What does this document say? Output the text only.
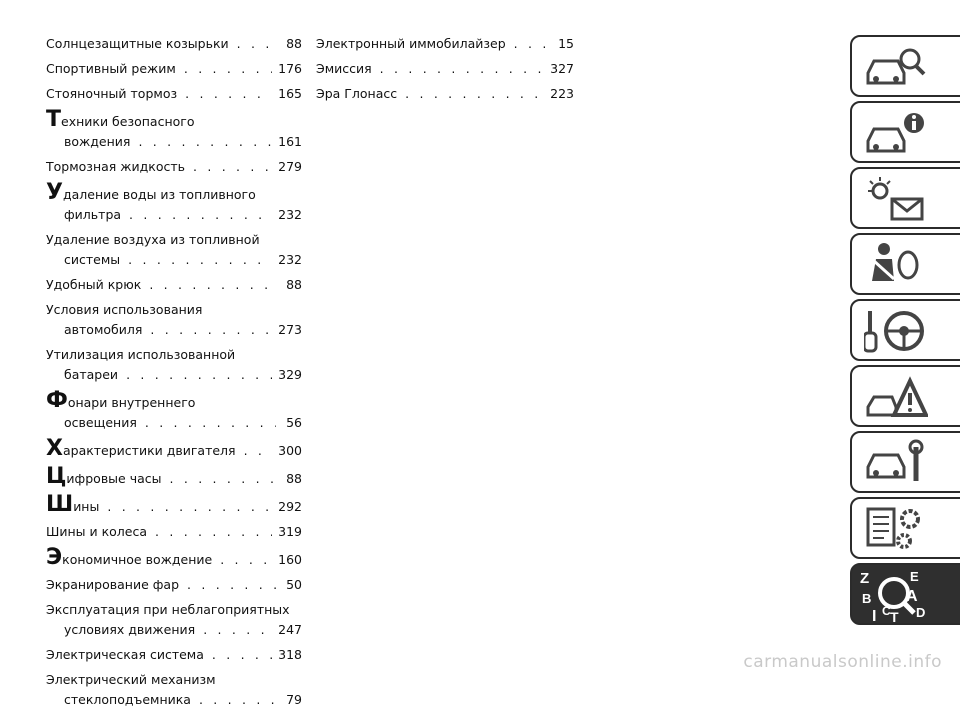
Солнцезащитные козырьки . . .	88
Спортивный режим . . .	176
Стояночный тормоз . . .	165
Техники безопасного
вождения . . .	161
Тормозная жидкость . . .	279
Удаление воды из топливного
фильтра . . .	232
Удаление воздуха из топливной
системы . . .	232
Удобный крюк . . .	88
Условия использования
автомобиля . . .	273
Утилизация использованной
батареи . . .	329
Фонари внутреннего
освещения . . .	56
Характеристики двигателя . . .	300
Цифровые часы . . .	88
Шины . . .	292
Шины и колеса . . .	319
Экономичное вождение . . .	160
Экранирование фар . . .	50
Эксплуатация при неблагоприятных
условиях движения . . .	247
Электрическая система . . .	318
Электрический механизм
стеклоподъемника . . .	79
Электронный иммобилайзер . . .	15
Эмиссия . . .	327
Эра Глонасс . . .	223
Z	E
B A
I C T D
carmanualsonline.info
